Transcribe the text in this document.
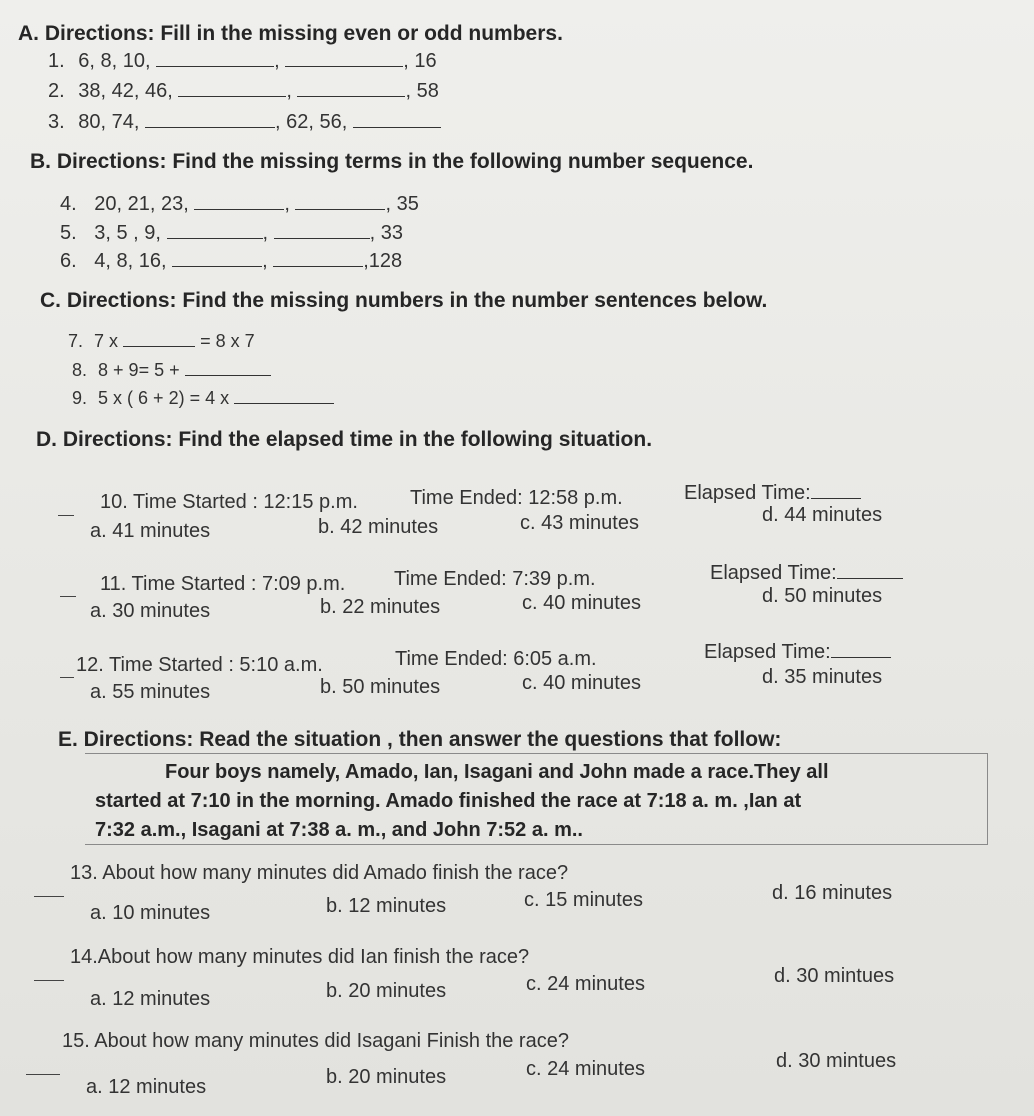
A. Directions: Fill in the missing even or odd numbers.
1. 6, 8, 10,	,	, 16
2. 38, 42, 46,	,	, 58
3. 80, 74,	, 62, 56,
B. Directions: Find the missing terms in the following number sequence.
4. 20, 21, 23,	,	, 35
5. 3, 5 , 9,	,	, 33
6. 4, 8, 16,	,	,128
C. Directions: Find the missing numbers in the number sentences below.
7. 7 x	= 8 x 7
8. 8 + 9= 5 +
9. 5 x ( 6 + 2) = 4 x
D. Directions: Find the elapsed time in the following situation.
10. Time Started : 12:15 p.m.	Time Ended: 12:58 p.m.	Elapsed Time:
a. 41 minutes	b. 42 minutes	c. 43 minutes	d. 44 minutes
11. Time Started : 7:09 p.m. Time Ended: 7:39 p.m.	Elapsed Time:
a. 30 minutes	b. 22 minutes	c. 40 minutes	d. 50 minutes
12. Time Started : 5:10 a.m.	Time Ended: 6:05 a.m.	Elapsed Time:
a. 55 minutes	b. 50 minutes	c. 40 minutes	d. 35 minutes
E. Directions: Read the situation , then answer the questions that follow:

Four boys namely, Amado, Ian, Isagani and John made a race.They all

started at 7:10 in the morning. Amado finished the race at 7:18 a. m. ,Ian at

7:32 a.m., Isagani at 7:38 a. m., and John 7:52 a. m..

13. About how many minutes did Amado finish the race?
a. 10 minutes	b. 12 minutes	c. 15 minutes	d. 16 minutes
14.About how many minutes did Ian finish the race?
a. 12 minutes	b. 20 minutes	c. 24 minutes	d. 30 mintues
15. About how many minutes did Isagani Finish the race?
a. 12 minutes	b. 20 minutes	c. 24 minutes	d. 30 mintues
